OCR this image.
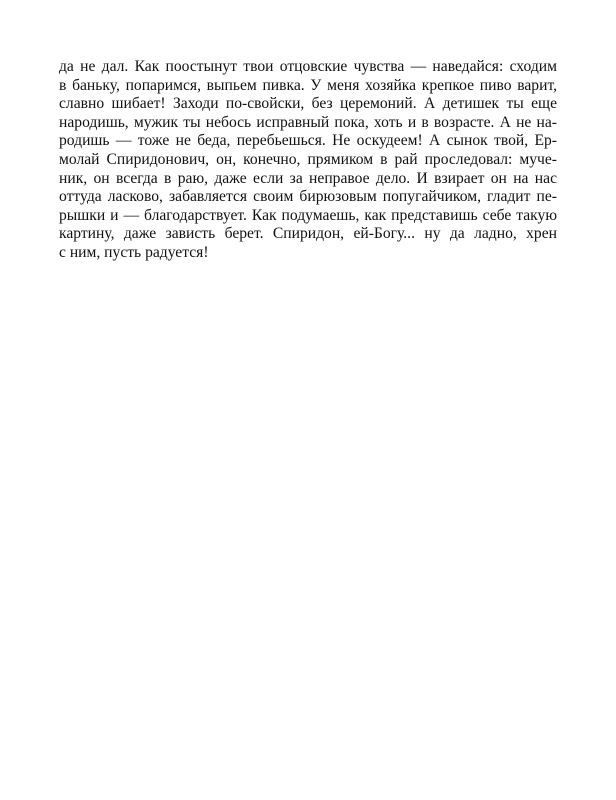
да не дал. Как поостынут твои отцовские чувства — наведайся: сходим
в баньку, попаримся, выпьем пивка. У меня хозяйка крепкое пиво варит,
славно шибает! Заходи по-свойски, без церемоний. А детишек ты еще
народишь, мужик ты небось исправный пока, хоть и в возрасте. А не на-
родишь — тоже не беда, перебьешься. Не оскудеем! А сынок твой, Ер-
молай Спиридонович, он, конечно, прямиком в рай проследовал: муче-
ник, он всегда в раю, даже если за неправое дело. И взирает он на нас
оттуда ласково, забавляется своим бирюзовым попугайчиком, гладит пе-
рышки и — благодарствует. Как подумаешь, как представишь себе такую
картину, даже зависть берет. Спиридон, ей-Богу... ну да ладно, хрен
с ним, пусть радуется!
